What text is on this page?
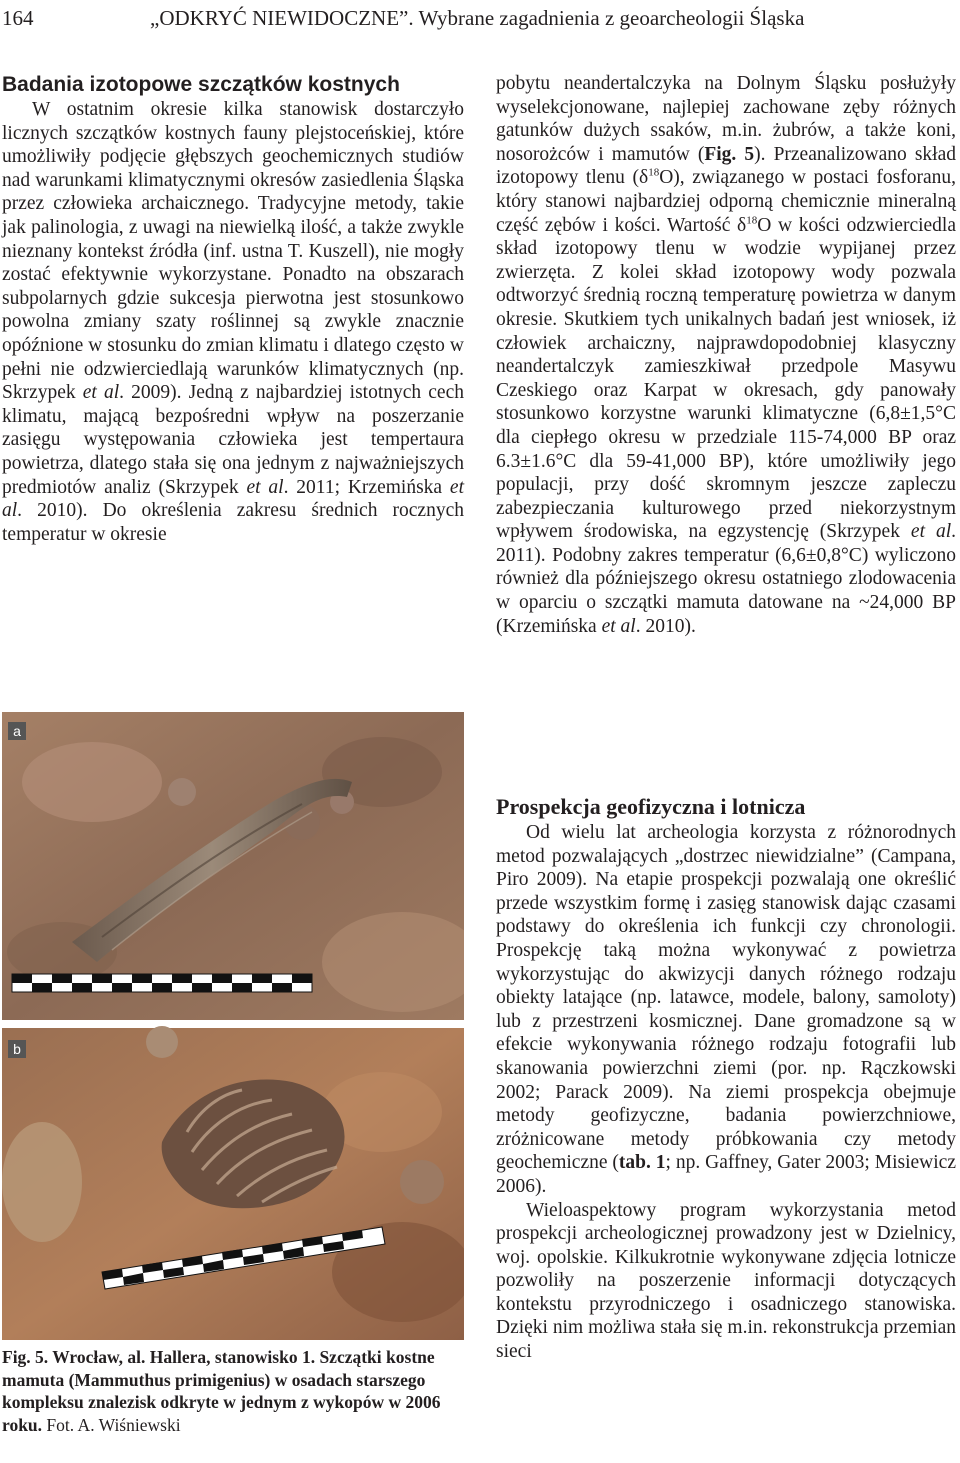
164	„ODKRYĆ NIEWIDOCZNE”. Wybrane zagadnienia z geoarcheologii Śląska

Badania izotopowe szczątków kostnych

W ostatnim okresie kilka stanowisk dostarczyło licznych szczątków kostnych fauny plejstoceńskiej, które umożliwiły podjęcie głębszych geochemicznych studiów nad warunkami klimatycznymi okresów zasiedlenia Śląska przez człowieka archaicznego. Tradycyjne metody, takie jak palinologia, z uwagi na niewielką ilość, a także zwykle nieznany kontekst źródła (inf. ustna T. Kuszell), nie mogły zostać efektywnie wykorzystane. Ponadto na obszarach subpolarnych gdzie sukcesja pierwotna jest stosunkowo powolna zmiany szaty roślinnej są zwykle znacznie opóźnione w stosunku do zmian klimatu i dlatego często w pełni nie odzwierciedlają warunków klimatycznych (np. Skrzypek et al. 2009). Jedną z najbardziej istotnych cech klimatu, mającą bezpośredni wpływ na poszerzanie zasięgu występowania człowieka jest tempertaura powietrza, dlatego stała się ona jednym z najważniejszych predmiotów analiz (Skrzypek et al. 2011; Krzemińska et al. 2010). Do określenia zakresu średnich rocznych temperatur w okresie

a
b
Fig. 5. Wrocław, al. Hallera, stanowisko 1. Szczątki kostne mamuta (Mammuthus primigenius) w osadach starszego kompleksu znalezisk odkryte w jednym z wykopów w 2006 roku. Fot. A. Wiśniewski

pobytu neandertalczyka na Dolnym Śląsku posłużyły wyselekcjonowane, najlepiej zachowane zęby różnych gatunków dużych ssaków, m.in. żubrów, a także koni, nosorożców i mamutów (Fig. 5). Przeanalizowano skład izotopowy tlenu $(\delta^{18}O)$, związanego w postaci fosforanu, który stanowi najbardziej odporną chemicznie mineralną część zębów i kości. Wartość $\delta^{18}O$ w kości odzwierciedla skład izotopowy tlenu w wodzie wypijanej przez zwierzęta. Z kolei skład izotopowy wody pozwala odtworzyć średnią roczną temperaturę powietrza w danym okresie. Skutkiem tych unikalnych badań jest wniosek, iż człowiek archaiczny, najprawdopodobniej klasyczny neandertalczyk zamieszkiwał przedpole Masywu Czeskiego oraz Karpat w okresach, gdy panowały stosunkowo korzystne warunki klimatyczne (6,8±1,5°C dla ciepłego okresu w przedziale 115-74,000 BP oraz 6.3±1.6°C dla 59-41,000 BP), które umożliwiły jego populacji, przy dość skromnym jeszcze zapleczu zabezpieczania kulturowego przed niekorzystnym wpływem środowiska, na egzystencję (Skrzypek et al. 2011). Podobny zakres temperatur (6,6±0,8°C) wyliczono również dla późniejszego okresu ostatniego zlodowacenia w oparciu o szczątki mamuta datowane na ~24,000 BP (Krzemińska et al. 2010).

Prospekcja geofizyczna i lotnicza

Od wielu lat archeologia korzysta z różnorodnych metod pozwalających „dostrzec niewidzialne” (Campana, Piro 2009). Na etapie prospekcji pozwalają one określić przede wszystkim formę i zasięg stanowisk dając czasami podstawy do określenia ich funkcji czy chronologii. Prospekcję taką można wykonywać z powietrza wykorzystując do akwizycji danych różnego rodzaju obiekty latające (np. latawce, modele, balony, samoloty) lub z przestrzeni kosmicznej. Dane gromadzone są w efekcie wykonywania różnego rodzaju fotografii lub skanowania powierzchni ziemi (por. np. Rączkowski 2002; Parack 2009). Na ziemi prospekcja obejmuje metody geofizyczne, badania powierzchniowe, zróżnicowane metody próbkowania czy metody geochemiczne (tab. 1; np. Gaffney, Gater 2003; Misiewicz 2006).

Wieloaspektowy program wykorzystania metod prospekcji archeologicznej prowadzony jest w Dzielnicy, woj. opolskie. Kilkukrotnie wykonywane zdjęcia lotnicze pozwoliły na poszerzenie informacji dotyczących kontekstu przyrodniczego i osadniczego stanowiska. Dzięki nim możliwa stała się m.in. rekonstrukcja przemian sieci
